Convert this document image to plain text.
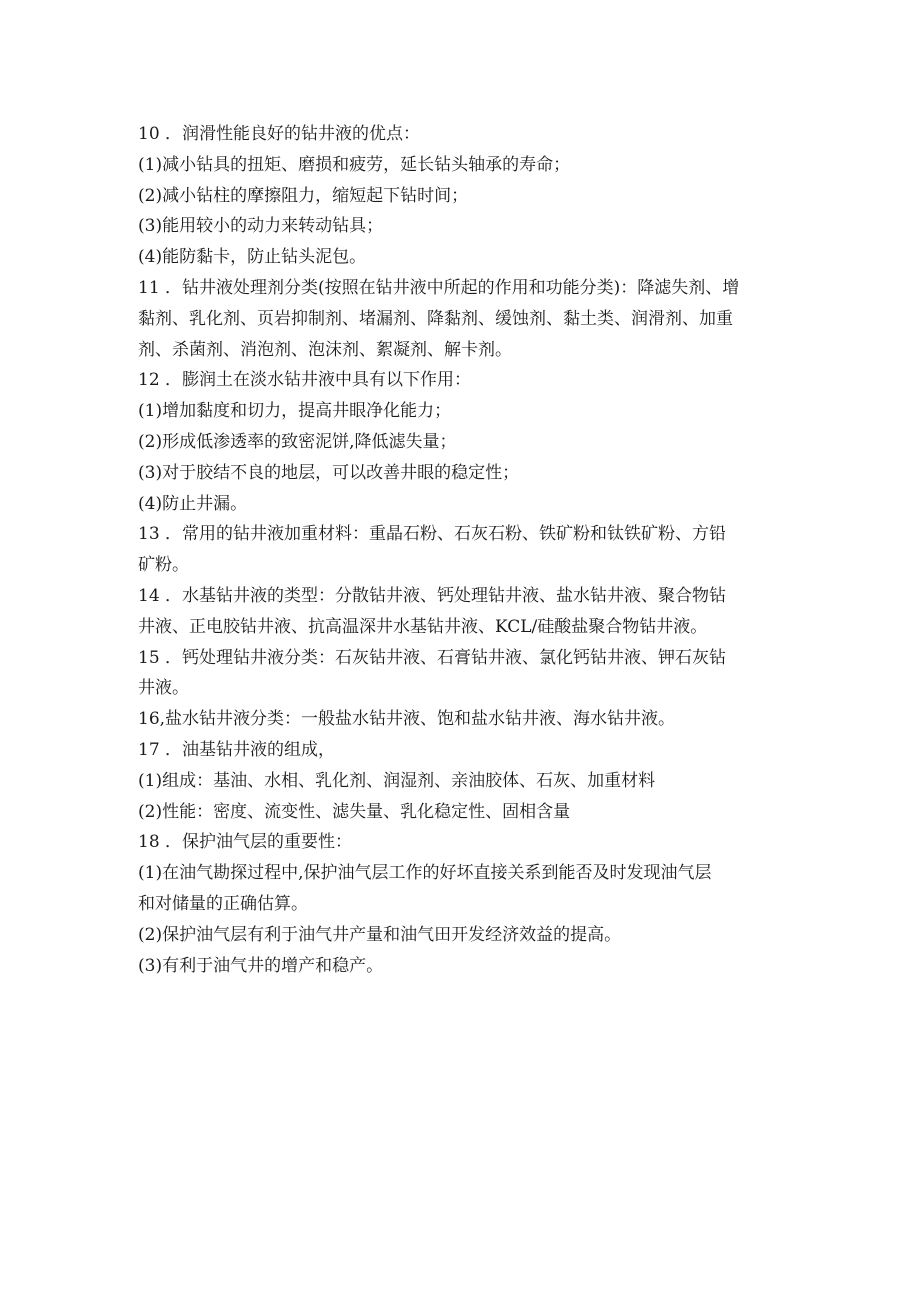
10 ．润滑性能良好的钻井液的优点：
(1)减小钻具的扭矩、磨损和疲劳，延长钻头轴承的寿命；
(2)减小钻柱的摩擦阻力，缩短起下钻时间；
(3)能用较小的动力来转动钻具；
(4)能防黏卡，防止钻头泥包。
11 ．钻井液处理剂分类(按照在钻井液中所起的作用和功能分类)：降滤失剂、增
黏剂、乳化剂、页岩抑制剂、堵漏剂、降黏剂、缓蚀剂、黏土类、润滑剂、加重
剂、杀菌剂、消泡剂、泡沫剂、絮凝剂、解卡剂。
12 ．膨润土在淡水钻井液中具有以下作用：
(1)增加黏度和切力，提高井眼净化能力；
(2)形成低渗透率的致密泥饼,降低滤失量；
(3)对于胶结不良的地层，可以改善井眼的稳定性；
(4)防止井漏。
13 ．常用的钻井液加重材料：重晶石粉、石灰石粉、铁矿粉和钛铁矿粉、方铅
矿粉。
14 ．水基钻井液的类型：分散钻井液、钙处理钻井液、盐水钻井液、聚合物钻
井液、正电胶钻井液、抗高温深井水基钻井液、KCL/硅酸盐聚合物钻井液。
15 ．钙处理钻井液分类：石灰钻井液、石膏钻井液、氯化钙钻井液、钾石灰钻
井液。
16,盐水钻井液分类：一般盐水钻井液、饱和盐水钻井液、海水钻井液。
17 ．油基钻井液的组成，
(1)组成：基油、水相、乳化剂、润湿剂、亲油胶体、石灰、加重材料
(2)性能：密度、流变性、滤失量、乳化稳定性、固相含量
18 ．保护油气层的重要性：
(1)在油气勘探过程中,保护油气层工作的好坏直接关系到能否及时发现油气层
和对储量的正确估算。
(2)保护油气层有利于油气井产量和油气田开发经济效益的提高。
(3)有利于油气井的增产和稳产。
